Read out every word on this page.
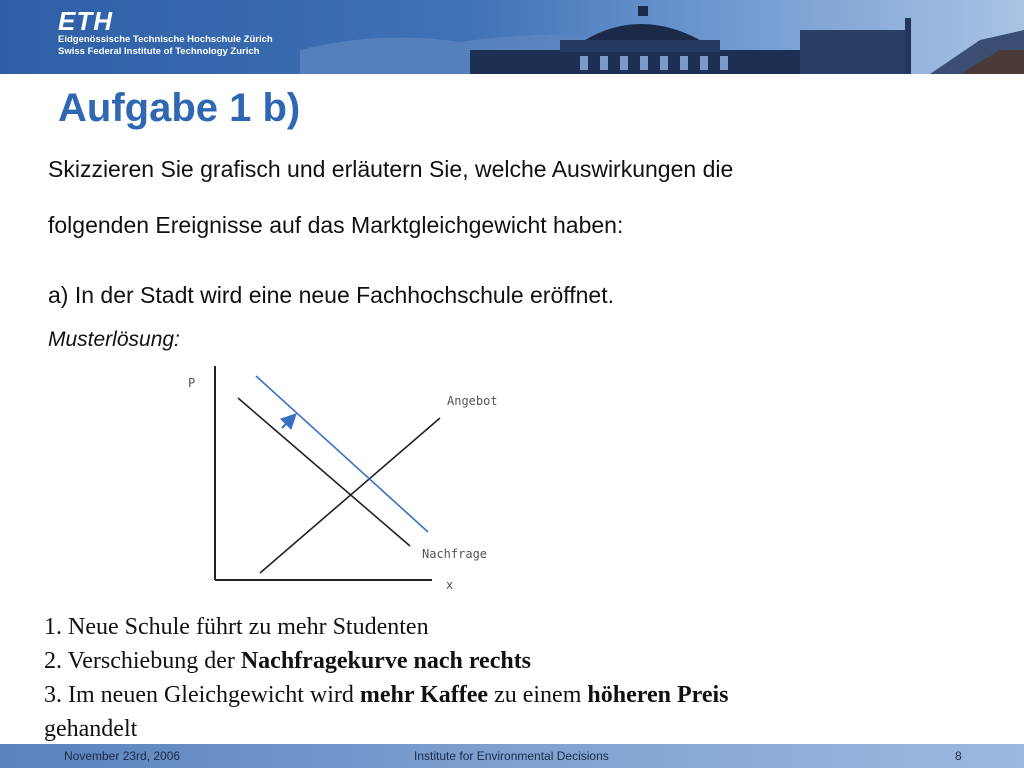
ETH
Eidgenössische Technische Hochschule Zürich
Swiss Federal Institute of Technology Zurich
Aufgabe 1 b)
Skizzieren Sie grafisch und erläutern Sie, welche Auswirkungen die
folgenden Ereignisse auf das Marktgleichgewicht haben:
a) In der Stadt wird eine neue Fachhochschule eröffnet.
Musterlösung:
P
Angebot
Nachfrage
x
1. Neue Schule führt zu mehr Studenten
2. Verschiebung der Nachfragekurve nach rechts
3. Im neuen Gleichgewicht wird mehr Kaffee zu einem höheren Preis
gehandelt
November 23rd, 2006	Institute for Environmental Decisions	8
